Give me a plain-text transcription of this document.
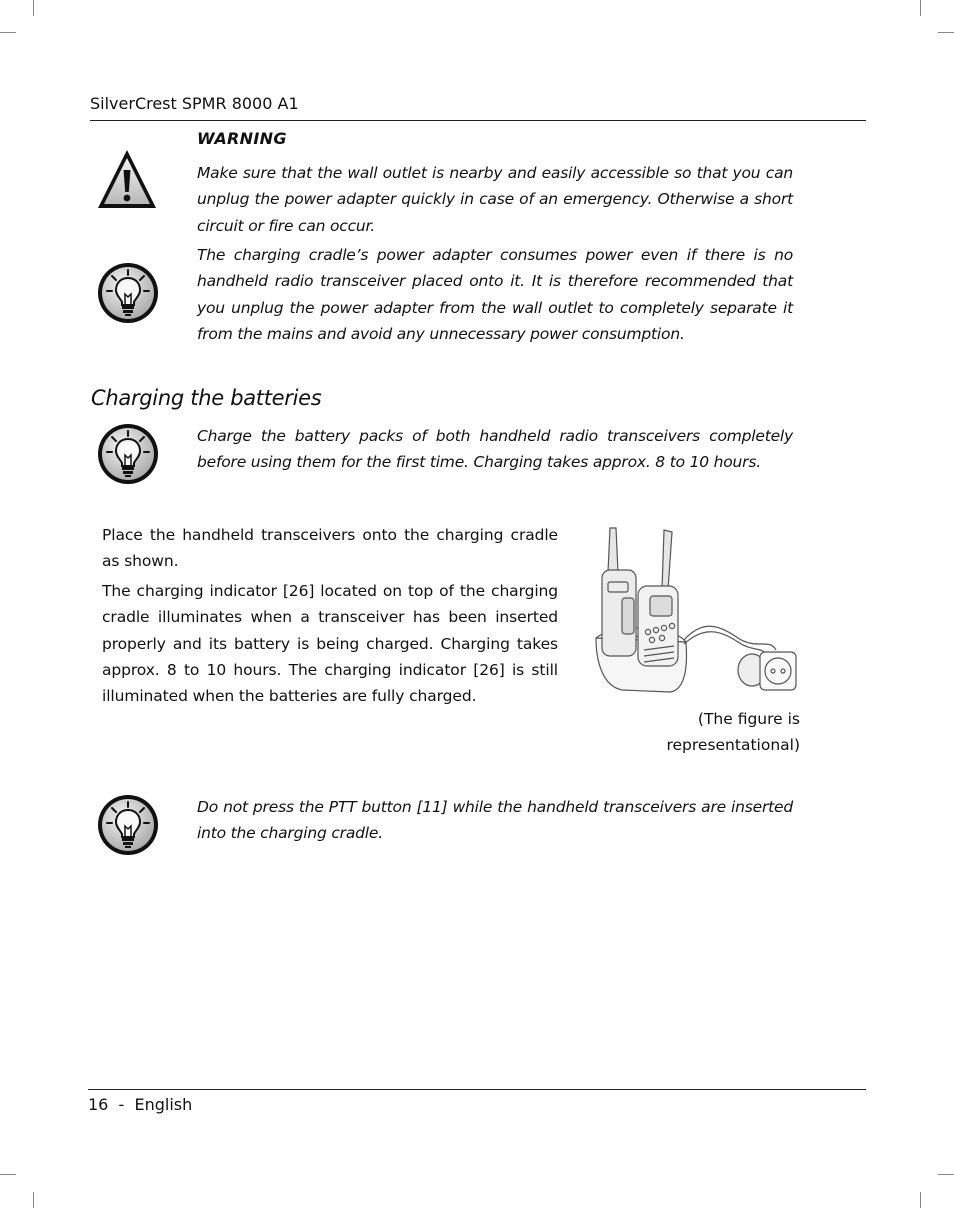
SilverCrest SPMR 8000 A1

WARNING

Make sure that the wall outlet is nearby and easily accessible so that you can unplug the power adapter quickly in case of an emergency. Otherwise a short circuit or fire can occur.

The charging cradle’s power adapter consumes power even if there is no handheld radio transceiver placed onto it. It is therefore recommended that you unplug the power adapter from the wall outlet to completely separate it from the mains and avoid any unnecessary power consumption.

Charging the batteries

Charge the battery packs of both handheld radio transceivers completely before using them for the first time. Charging takes approx. 8 to 10 hours.

Place the handheld transceivers onto the charging cradle as shown.

The charging indicator [26] located on top of the charging cradle illuminates when a transceiver has been inserted properly and its battery is being charged. Charging takes approx. 8 to 10 hours. The charging indicator [26] is still illuminated when the batteries are fully charged.

(The figure is
representational)

Do not press the PTT button [11] while the handheld transceivers are inserted into the charging cradle.

16  -  English
